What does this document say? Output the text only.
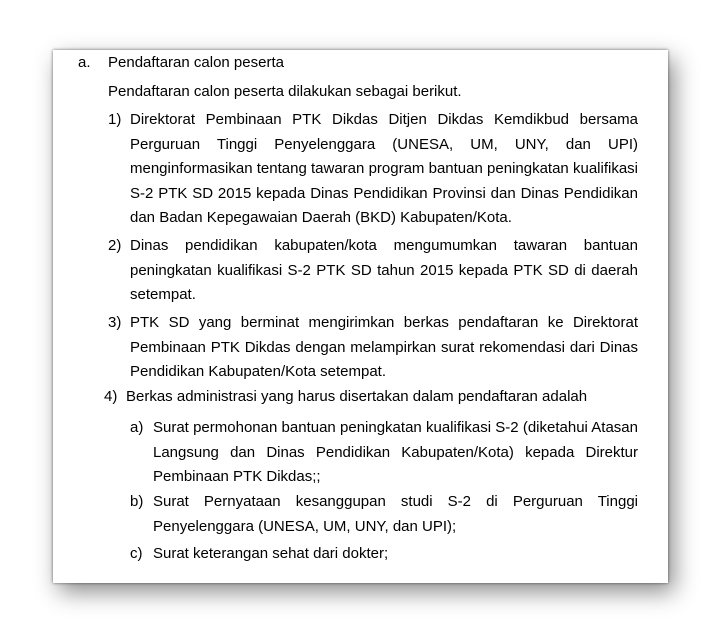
a. Pendaftaran calon peserta

Pendaftaran calon peserta dilakukan sebagai berikut.

1) Direktorat Pembinaan PTK Dikdas Ditjen Dikdas Kemdikbud bersama Perguruan Tinggi Penyelenggara (UNESA, UM, UNY, dan UPI) menginformasikan tentang tawaran program bantuan peningkatan kualifikasi S-2 PTK SD 2015 kepada Dinas Pendidikan Provinsi dan Dinas Pendidikan dan Badan Kepegawaian Daerah (BKD) Kabupaten/Kota.

2) Dinas pendidikan kabupaten/kota mengumumkan tawaran bantuan peningkatan kualifikasi S-2 PTK SD tahun 2015 kepada PTK SD di daerah setempat.

3) PTK SD yang berminat mengirimkan berkas pendaftaran ke Direktorat Pembinaan PTK Dikdas dengan melampirkan surat rekomendasi dari Dinas Pendidikan Kabupaten/Kota setempat.

4) Berkas administrasi yang harus disertakan dalam pendaftaran adalah

a) Surat permohonan bantuan peningkatan kualifikasi S-2 (diketahui Atasan Langsung dan Dinas Pendidikan Kabupaten/Kota) kepada Direktur Pembinaan PTK Dikdas;;

b) Surat Pernyataan kesanggupan studi S-2 di Perguruan Tinggi Penyelenggara (UNESA, UM, UNY, dan UPI);

c) Surat keterangan sehat dari dokter;
